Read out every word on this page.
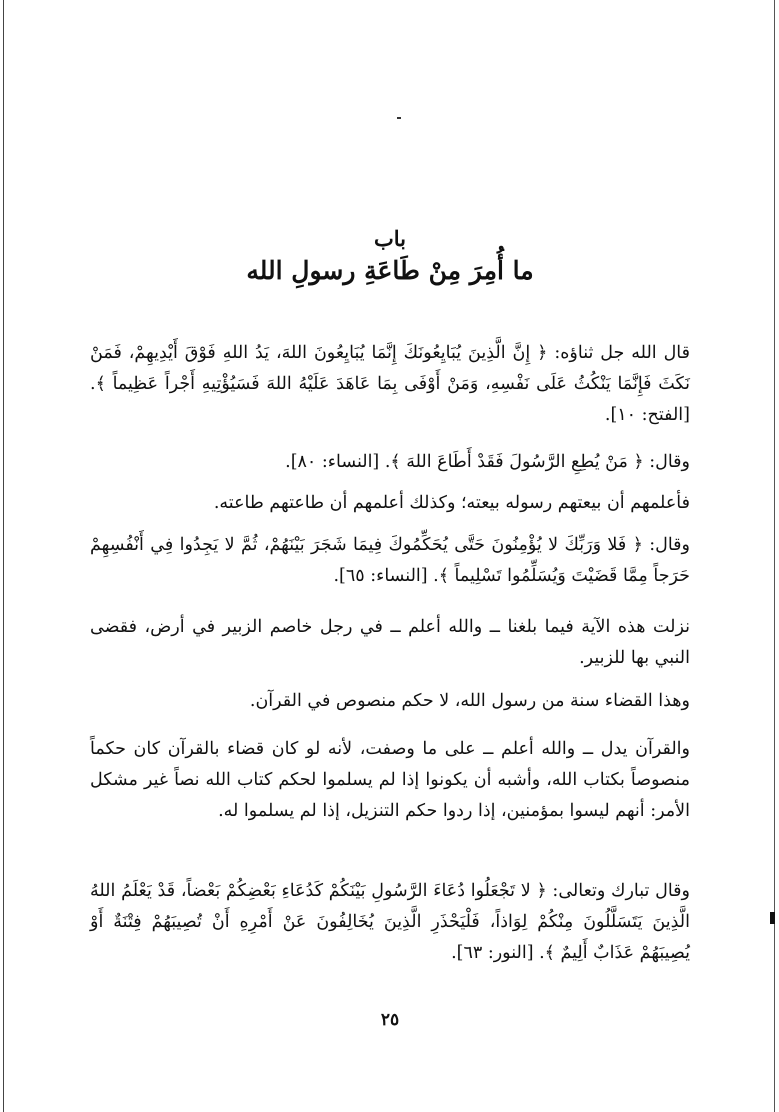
باب
ما أُمِرَ مِنْ طَاعَةِ رسولِ الله
قال الله جل ثناؤه: ﴿ إِنَّ الَّذِينَ يُبَايِعُونَكَ إِنَّمَا يُبَايِعُونَ اللهَ، يَدُ اللهِ فَوْقَ أَيْدِيهِمْ، فَمَنْ نَكَثَ فَإِنَّمَا يَنْكُثُ عَلَى نَفْسِهِ، وَمَنْ أَوْفَى بِمَا عَاهَدَ عَلَيْهُ اللهَ فَسَيُؤْتِيهِ أَجْراً عَظِيماً ﴾. [الفتح: ١٠].
وقال: ﴿ مَنْ يُطِعِ الرَّسُولَ فَقَدْ أَطَاعَ اللهَ ﴾. [النساء: ٨٠].
فأعلمهم أن بيعتهم رسوله بيعته؛ وكذلك أعلمهم أن طاعتهم طاعته.
وقال: ﴿ فَلا وَرَبِّكَ لا يُؤْمِنُونَ حَتَّى يُحَكِّمُوكَ فِيمَا شَجَرَ بَيْنَهُمْ، ثُمَّ لا يَجِدُوا فِي أَنْفُسِهِمْ حَرَجاً مِمَّا قَضَيْتَ وَيُسَلِّمُوا تَسْلِيماً ﴾. [النساء: ٦٥].
نزلت هذه الآية فيما بلغنا ــ والله أعلم ــ في رجل خاصم الزبير في أرض، فقضى النبي بها للزبير.
وهذا القضاء سنة من رسول الله، لا حكم منصوص في القرآن.
والقرآن يدل ــ والله أعلم ــ على ما وصفت، لأنه لو كان قضاء بالقرآن كان حكماً منصوصاً بكتاب الله، وأشبه أن يكونوا إذا لم يسلموا لحكم كتاب الله نصاً غير مشكل الأمر: أنهم ليسوا بمؤمنين، إذا ردوا حكم التنزيل، إذا لم يسلموا له.
وقال تبارك وتعالى: ﴿ لا تَجْعَلُوا دُعَاءَ الرَّسُولِ بَيْنَكُمْ كَدُعَاءِ بَعْضِكُمْ بَعْضاً، قَدْ يَعْلَمُ اللهُ الَّذِينَ يَتَسَلَّلُونَ مِنْكُمْ لِوَاذاً، فَلْيَحْذَرِ الَّذِينَ يُخَالِفُونَ عَنْ أَمْرِهِ أَنْ تُصِيبَهُمْ فِتْنَةٌ أَوْ يُصِيبَهُمْ عَذَابٌ أَلِيمٌ ﴾. [النور: ٦٣].
٢٥
